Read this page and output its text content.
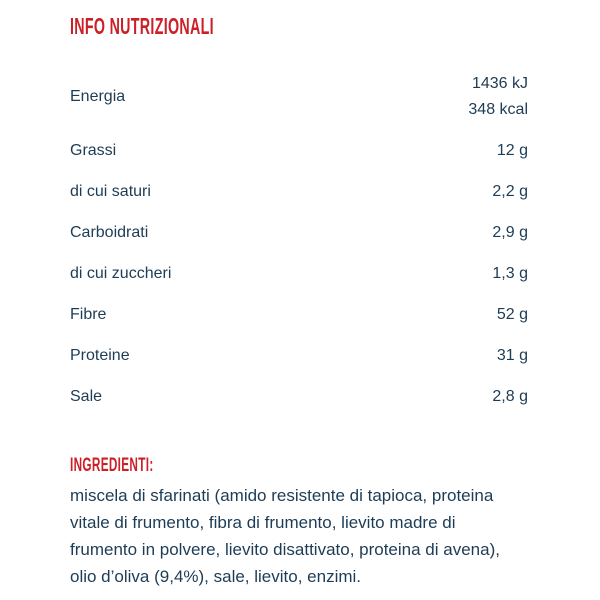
INFO NUTRIZIONALI
Energia
1436 kJ
348 kcal
Grassi	12 g
di cui saturi	2,2 g
Carboidrati	2,9 g
di cui zuccheri	1,3 g
Fibre	52 g
Proteine	31 g
Sale	2,8 g
INGREDIENTI:
miscela di sfarinati (amido resistente di tapioca, proteina
vitale di frumento, fibra di frumento, lievito madre di
frumento in polvere, lievito disattivato, proteina di avena),
olio d’oliva (9,4%), sale, lievito, enzimi.
